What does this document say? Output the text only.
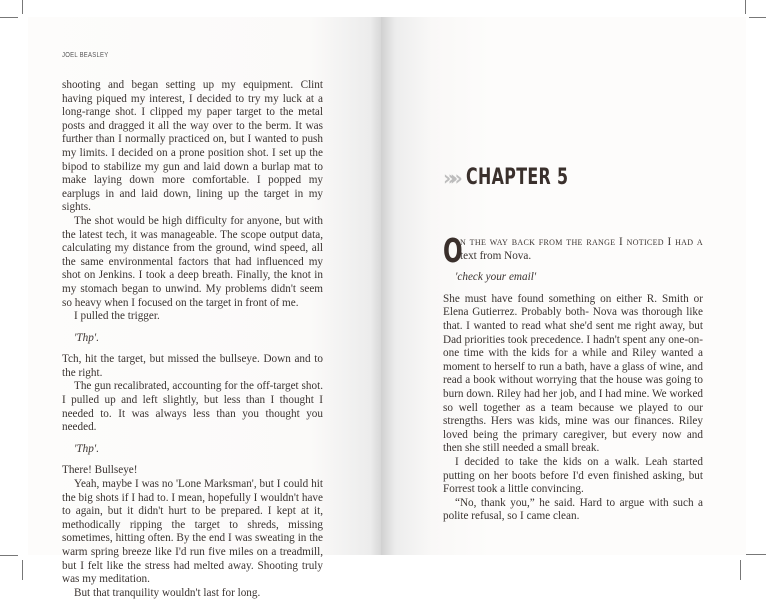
JOEL BEASLEY

shooting and began setting up my equipment. Clint having piqued my interest, I decided to try my luck at a long-range shot. I clipped my paper target to the metal posts and dragged it all the way over to the berm. It was further than I normally practiced on, but I wanted to push my limits. I decided on a prone position shot. I set up the bipod to stabilize my gun and laid down a burlap mat to make laying down more comfortable. I popped my earplugs in and laid down, lining up the target in my sights.

The shot would be high difficulty for anyone, but with the latest tech, it was manageable. The scope output data, calculating my distance from the ground, wind speed, all the same environmental factors that had influenced my shot on Jenkins. I took a deep breath. Finally, the knot in my stomach began to unwind. My problems didn't seem so heavy when I focused on the target in front of me.

I pulled the trigger.

'Thp'.

Tch, hit the target, but missed the bullseye. Down and to the right.

The gun recalibrated, accounting for the off-target shot. I pulled up and left slightly, but less than I thought I needed to. It was always less than you thought you needed.

'Thp'.

There! Bullseye!

Yeah, maybe I was no 'Lone Marksman', but I could hit the big shots if I had to. I mean, hopefully I wouldn't have to again, but it didn't hurt to be prepared. I kept at it, methodically ripping the target to shreds, missing sometimes, hitting often. By the end I was sweating in the warm spring breeze like I'd run five miles on a treadmill, but I felt like the stress had melted away. Shooting truly was my meditation.

But that tranquility wouldn't last for long.

»» CHAPTER 5

O
n the way back from the range I noticed I had a text from Nova.

'check your email'

She must have found something on either R. Smith or Elena Gutierrez. Probably both- Nova was thorough like that. I wanted to read what she'd sent me right away, but Dad priorities took precedence. I hadn't spent any one-on-one time with the kids for a while and Riley wanted a moment to herself to run a bath, have a glass of wine, and read a book without worrying that the house was going to burn down. Riley had her job, and I had mine. We worked so well together as a team because we played to our strengths. Hers was kids, mine was our finances. Riley loved being the primary caregiver, but every now and then she still needed a small break.

I decided to take the kids on a walk. Leah started putting on her boots before I'd even finished asking, but Forrest took a little convincing.

“No, thank you,” he said. Hard to argue with such a polite refusal, so I came clean.
